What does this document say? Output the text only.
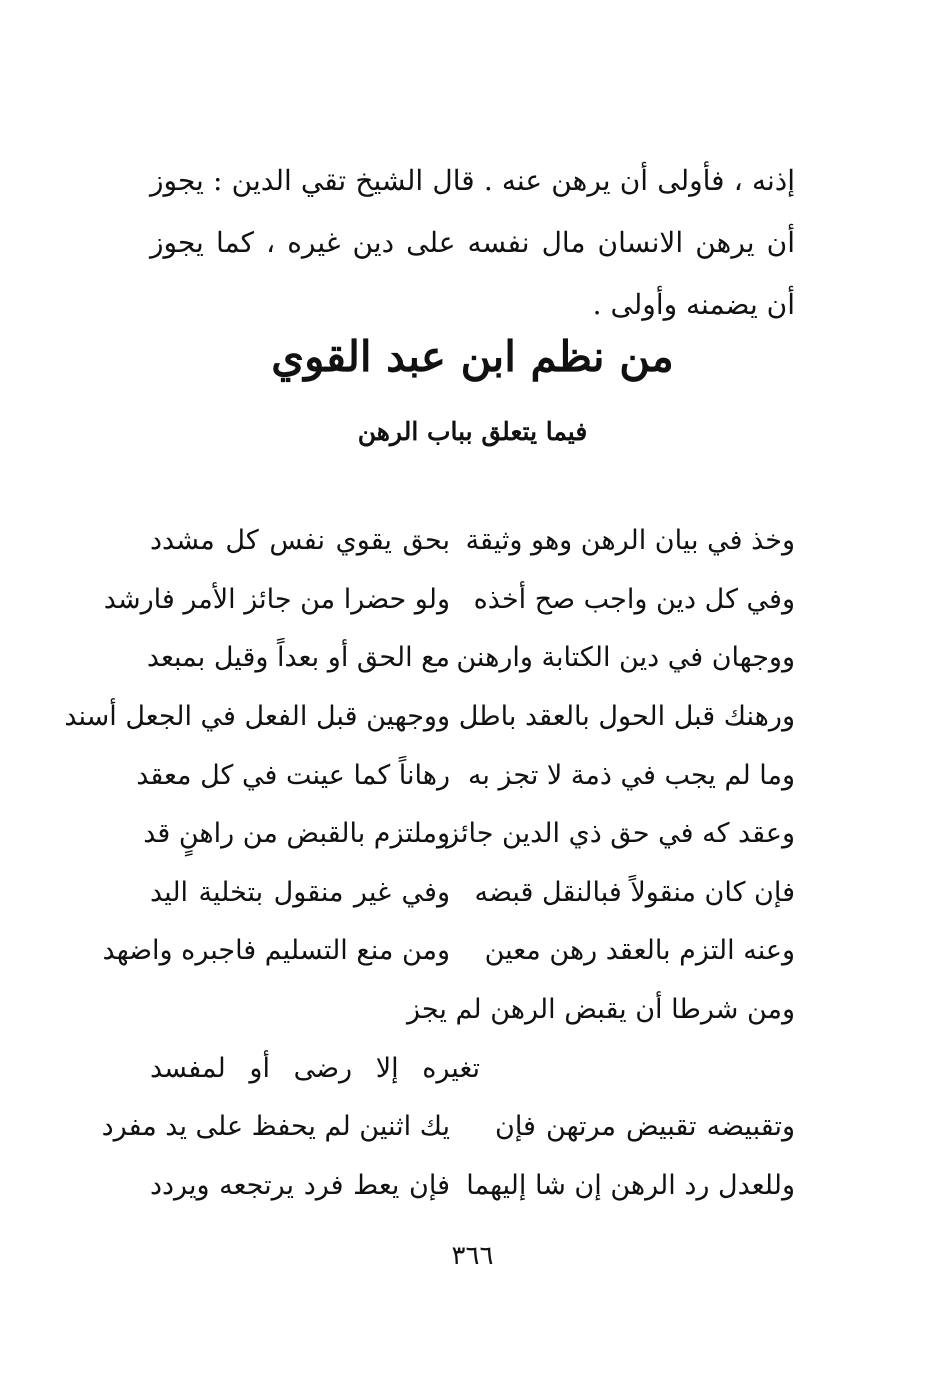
إذنه ، فأولى أن يرهن عنه . قال الشيخ تقي الدين : يجوز أن يرهن الانسان مال نفسه على دين غيره ، كما يجوز أن يضمنه وأولى .

من نظم ابن عبد القوي
فيما يتعلق بباب الرهن
وخذ في بيان الرهن وهو وثيقة
بحق يقوي نفس كل مشدد
وفي كل دين واجب صح أخذه
ولو حضرا من جائز الأمر فارشد
ووجهان في دين الكتابة وارهنن
مع الحق أو بعداً وقيل بمبعد
ورهنك قبل الحول بالعقد باطل
ووجهين قبل الفعل في الجعل أسند
وما لم يجب في ذمة لا تجز به
رهاناً كما عينت في كل معقد
وعقد كه في حق ذي الدين جائز
وملتزم بالقبض من راهنٍ قد
فإن كان منقولاً فبالنقل قبضه
وفي غير منقول بتخلية اليد
وعنه التزم بالعقد رهن معين
ومن منع التسليم فاجبره واضهد
ومن شرطا أن يقبض الرهن لم يجز
تغيره إلا رضى أو لمفسد
وتقبيضه تقبيض مرتهن فإن
يك اثنين لم يحفظ على يد مفرد
وللعدل رد الرهن إن شا إليهما
فإن يعط فرد يرتجعه ويردد
٣٦٦
